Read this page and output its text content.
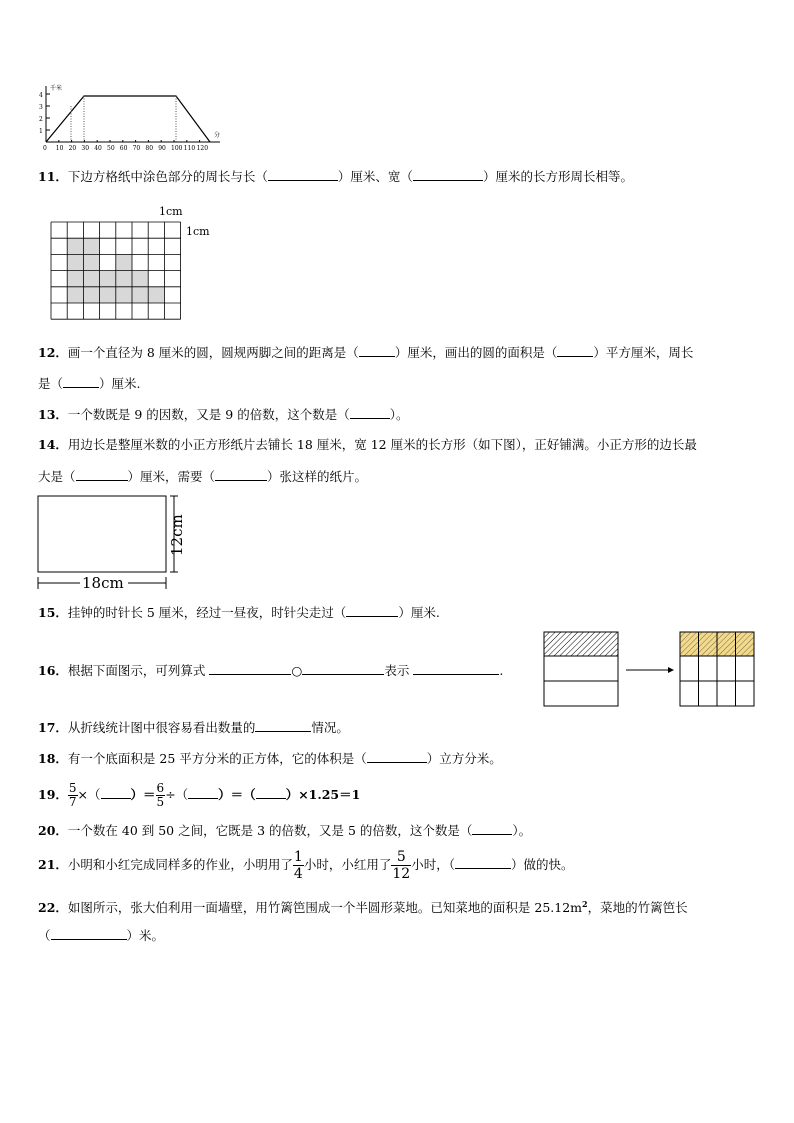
1
2
3
4
千米
0 10 20 30 40 50 60 70 80 90 100 110 120
分
11．下边方格纸中涂色部分的周长与长（	）厘米、宽（	）厘米的长方形周长相等。
1cm
1cm
12．画一个直径为 8 厘米的圆，圆规两脚之间的距离是（	）厘米，画出的圆的面积是（	）平方厘米，周长
是（	）厘米.
13．一个数既是 9 的因数，又是 9 的倍数，这个数是（	）。
14．用边长是整厘米数的小正方形纸片去铺长 18 厘米，宽 12 厘米的长方形（如下图），正好铺满。小正方形的边长最
大是（	）厘米，需要（	）张这样的纸片。
12cm
18cm
15．挂钟的时针长 5 厘米，经过一昼夜，时针尖走过（	）厘米.
16．根据下面图示，可列算式	○	表示	.
17．从折线统计图中很容易看出数量的	情况。
18．有一个底面积是 25 平方分米的正方体，它的体积是（	）立方分米。
19． $\frac{5}{7}$ ×（ ）＝ $\frac{6}{5}$ ÷（ ）＝（ ）×1.25＝1
20．一个数在 40 到 50 之间，它既是 3 的倍数，又是 5 的倍数，这个数是（	）。
21．小明和小红完成同样多的作业，小明用了 $\frac{1}{4}$ 小时，小红用了 $\frac{5}{12}$ 小时，（	）做的快。
22．如图所示，张大伯利用一面墙壁，用竹篱笆围成一个半圆形菜地。已知菜地的面积是 $25.12m^2$，菜地的竹篱笆长
（	）米。
